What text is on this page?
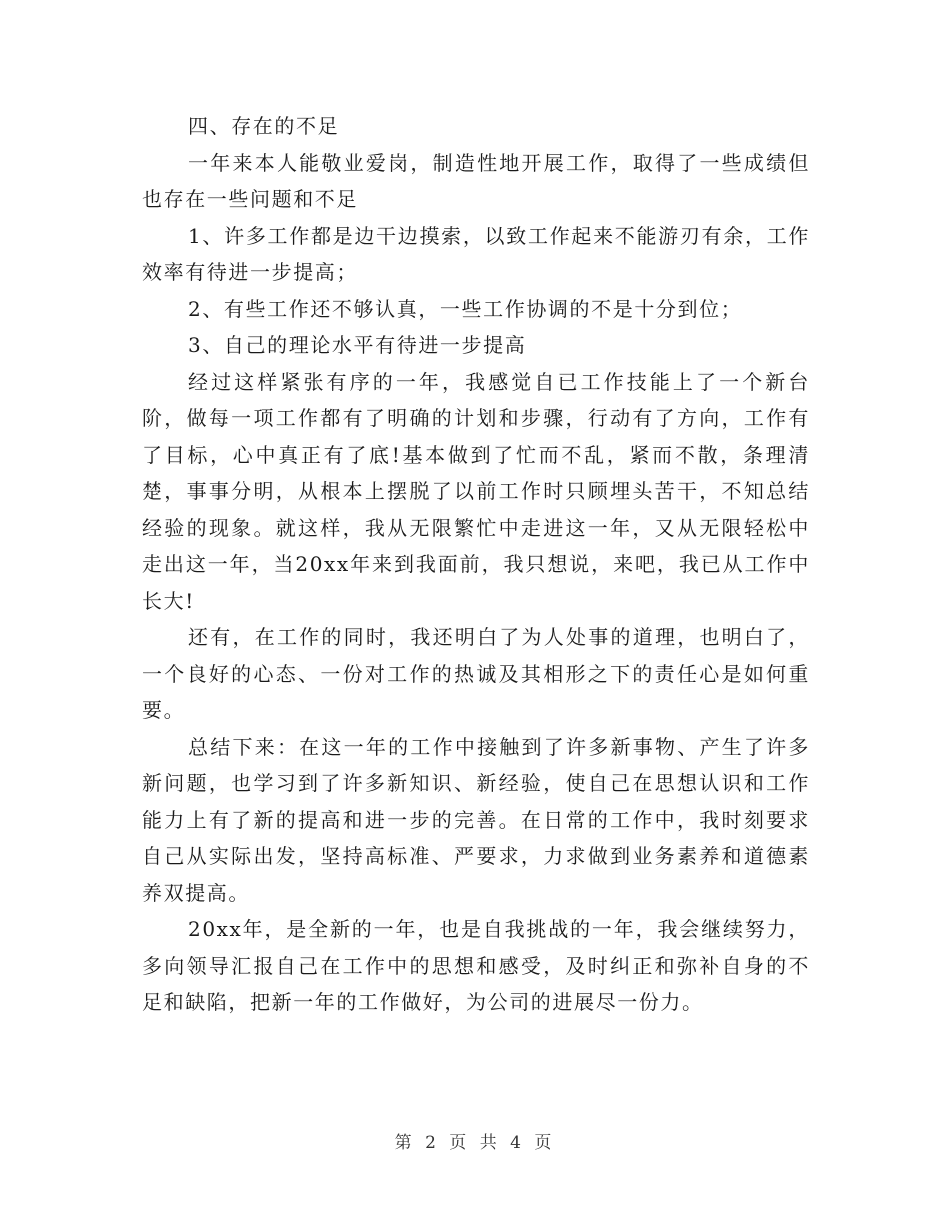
四、存在的不足

一年来本人能敬业爱岗，制造性地开展工作，取得了一些成绩但也存在一些问题和不足

1、许多工作都是边干边摸索，以致工作起来不能游刃有余，工作效率有待进一步提高；

2、有些工作还不够认真，一些工作协调的不是十分到位；

3、自己的理论水平有待进一步提高

经过这样紧张有序的一年，我感觉自已工作技能上了一个新台阶，做每一项工作都有了明确的计划和步骤，行动有了方向，工作有了目标，心中真正有了底!基本做到了忙而不乱，紧而不散，条理清楚，事事分明，从根本上摆脱了以前工作时只顾埋头苦干，不知总结经验的现象。就这样，我从无限繁忙中走进这一年，又从无限轻松中走出这一年，当20xx年来到我面前，我只想说，来吧，我已从工作中长大!

还有，在工作的同时，我还明白了为人处事的道理，也明白了，一个良好的心态、一份对工作的热诚及其相形之下的责任心是如何重要。

总结下来：在这一年的工作中接触到了许多新事物、产生了许多新问题，也学习到了许多新知识、新经验，使自己在思想认识和工作能力上有了新的提高和进一步的完善。在日常的工作中，我时刻要求自己从实际出发，坚持高标准、严要求，力求做到业务素养和道德素养双提高。

20xx年，是全新的一年，也是自我挑战的一年，我会继续努力，多向领导汇报自己在工作中的思想和感受，及时纠正和弥补自身的不足和缺陷，把新一年的工作做好，为公司的进展尽一份力。

第 2 页 共 4 页
